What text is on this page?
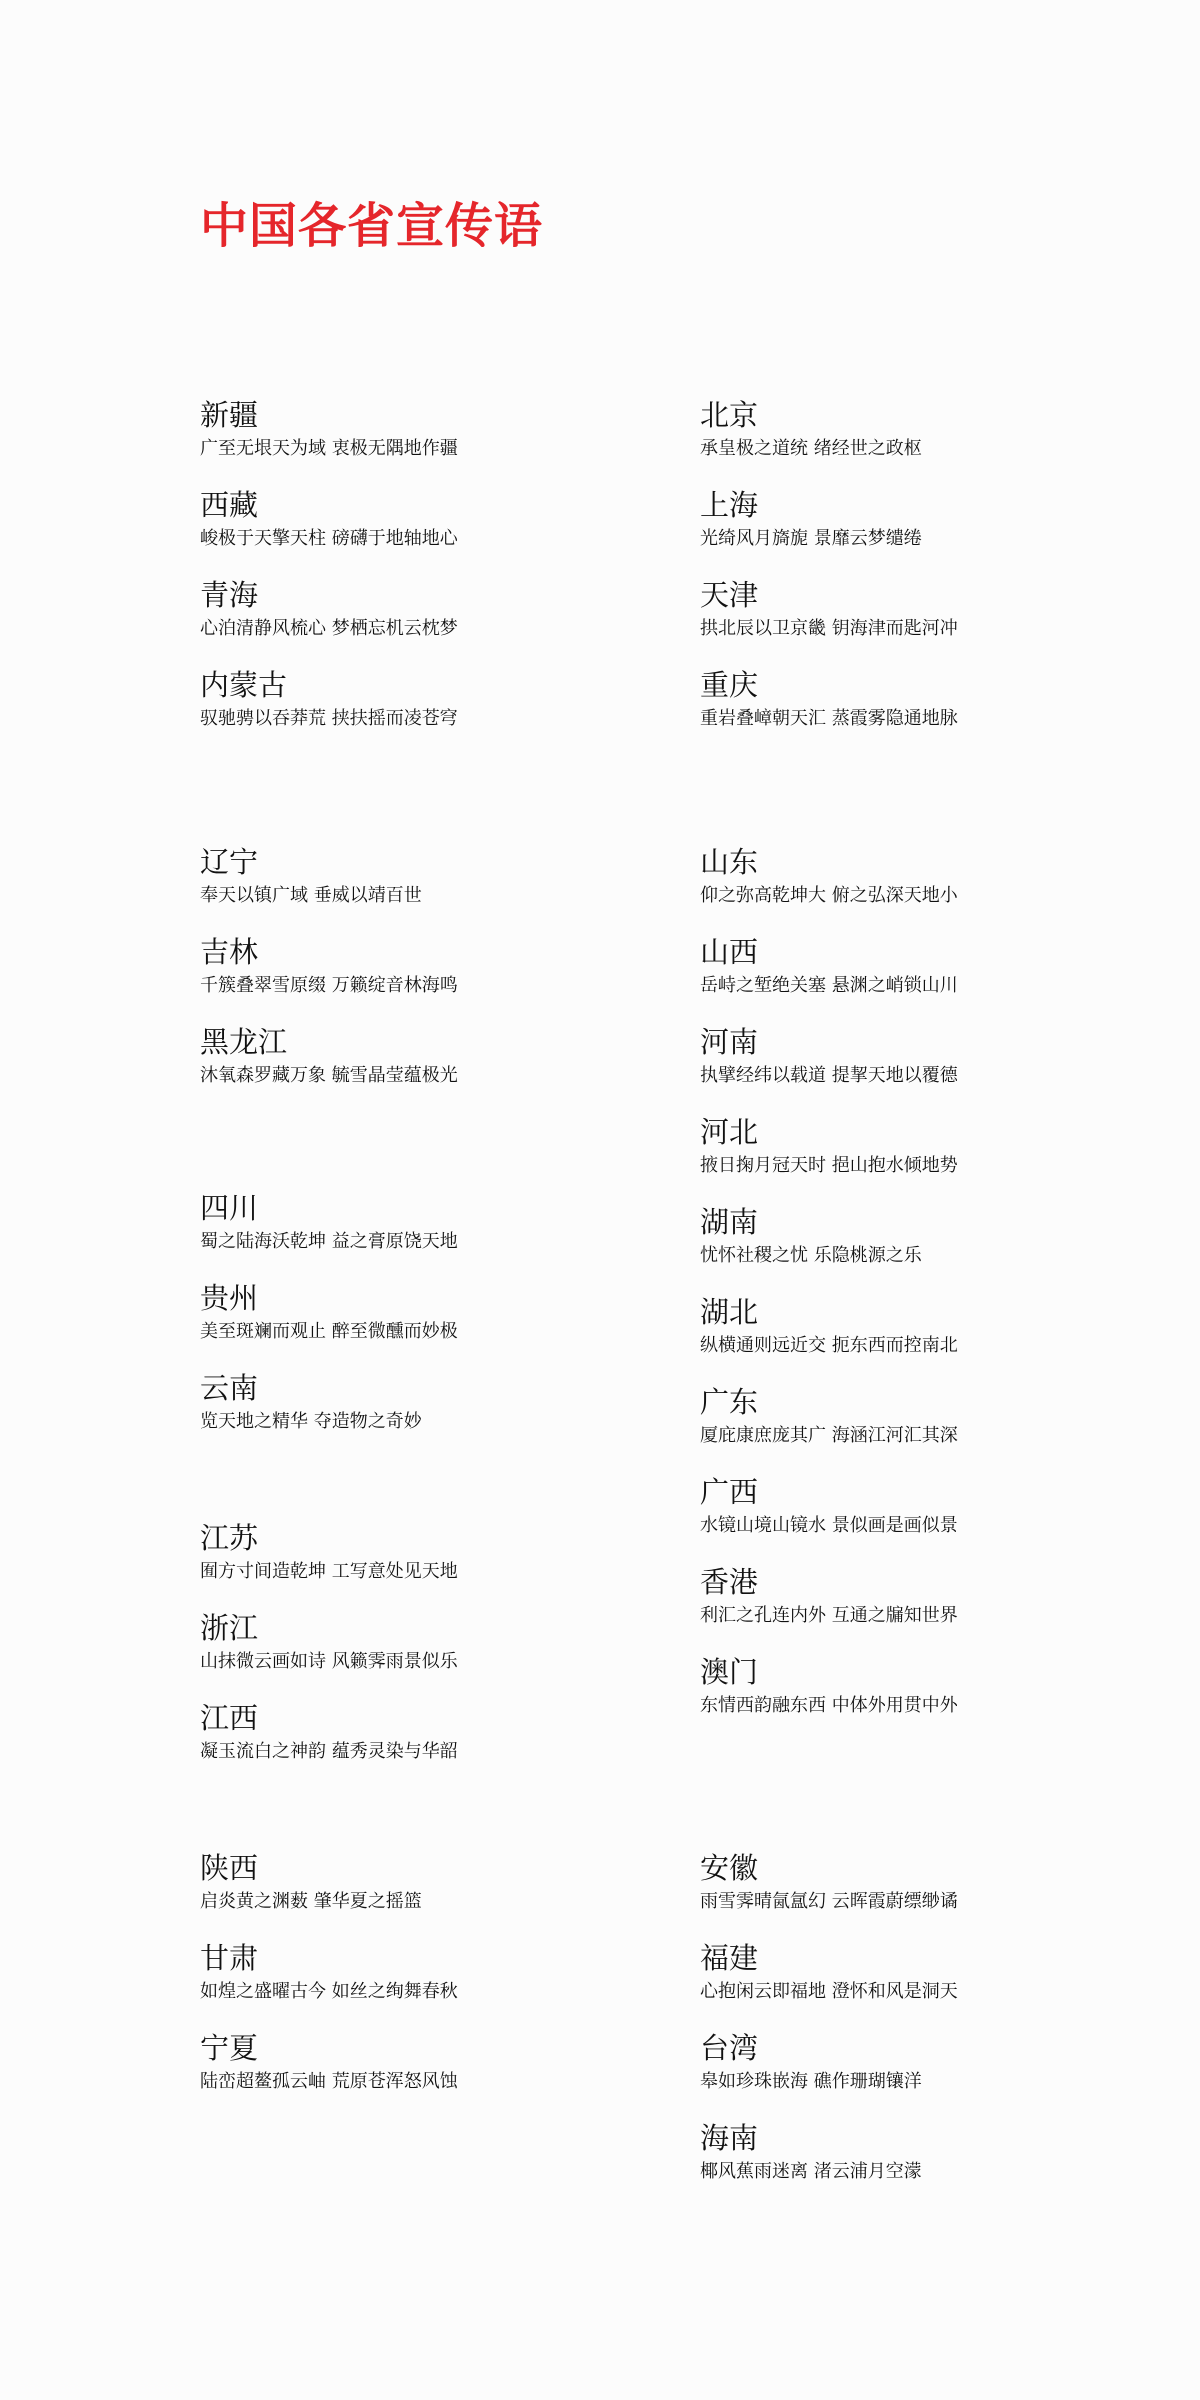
中国各省宣传语
新疆
广至无垠天为域 衷极无隅地作疆
西藏
峻极于天擎天柱 磅礴于地轴地心
青海
心泊清静风梳心 梦栖忘机云枕梦
内蒙古
驭驰骋以吞莽荒 挟扶摇而凌苍穹
辽宁
奉天以镇广域 垂威以靖百世
吉林
千簇叠翠雪原缀 万籁绽音林海鸣
黑龙江
沐氧森罗藏万象 毓雪晶莹蕴极光
四川
蜀之陆海沃乾坤 益之膏原饶天地
贵州
美至斑斓而观止 醉至微醺而妙极
云南
览天地之精华 夺造物之奇妙
江苏
囿方寸间造乾坤 工写意处见天地
浙江
山抹微云画如诗 风籁霁雨景似乐
江西
凝玉流白之神韵 蕴秀灵染与华韶
陕西
启炎黄之渊薮 肇华夏之摇篮
甘肃
如煌之盛曜古今 如丝之绚舞春秋
宁夏
陆峦超鳌孤云岫 荒原苍浑怒风蚀
北京
承皇极之道统 绪经世之政枢
上海
光绮风月旖旎 景靡云梦缱绻
天津
拱北辰以卫京畿 钥海津而匙河冲
重庆
重岩叠嶂朝天汇 蒸霞雾隐通地脉
山东
仰之弥高乾坤大 俯之弘深天地小
山西
岳峙之堑绝关塞 悬渊之峭锁山川
河南
执擘经纬以载道 提挈天地以覆德
河北
掖日掬月冠天时 挹山抱水倾地势
湖南
忧怀社稷之忧 乐隐桃源之乐
湖北
纵横通则远近交 扼东西而控南北
广东
厦庇康庶庞其广 海涵江河汇其深
广西
水镜山境山镜水 景似画是画似景
香港
利汇之孔连内外 互通之牖知世界
澳门
东情西韵融东西 中体外用贯中外
安徽
雨雪霁晴氤氲幻 云晖霞蔚缥缈谲
福建
心抱闲云即福地 澄怀和风是洞天
台湾
皋如珍珠嵌海 礁作珊瑚镶洋
海南
椰风蕉雨迷离 渚云浦月空濛
